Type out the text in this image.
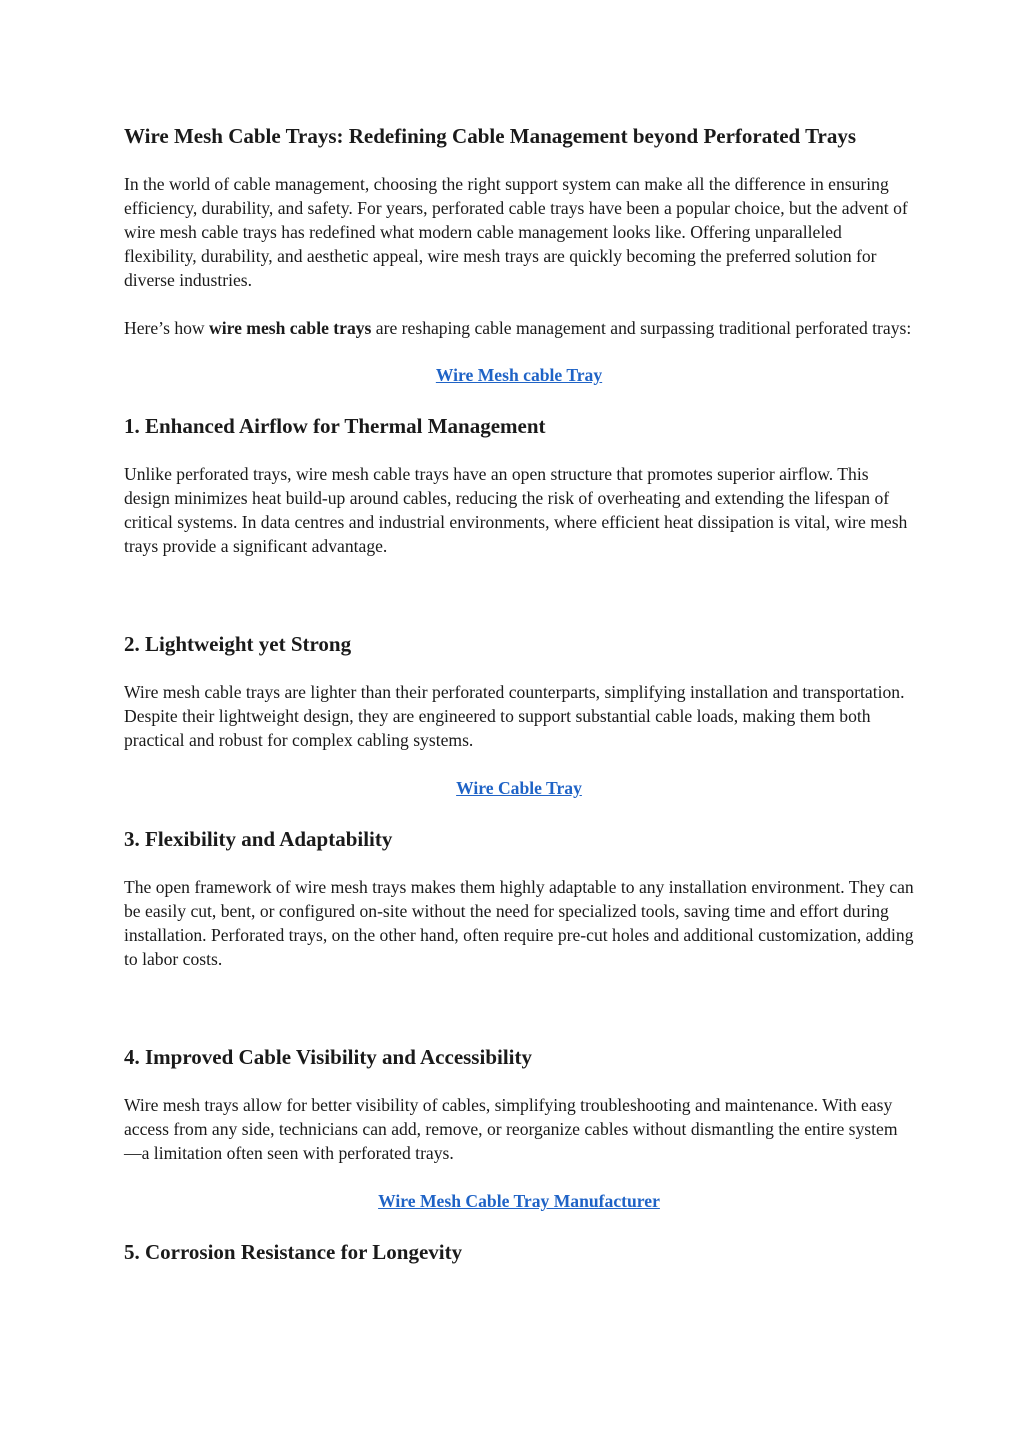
Wire Mesh Cable Trays: Redefining Cable Management beyond Perforated Trays

In the world of cable management, choosing the right support system can make all the difference in ensuring efficiency, durability, and safety. For years, perforated cable trays have been a popular choice, but the advent of wire mesh cable trays has redefined what modern cable management looks like. Offering unparalleled flexibility, durability, and aesthetic appeal, wire mesh trays are quickly becoming the preferred solution for diverse industries.

Here’s how wire mesh cable trays are reshaping cable management and surpassing traditional perforated trays:

Wire Mesh cable Tray
1. Enhanced Airflow for Thermal Management

Unlike perforated trays, wire mesh cable trays have an open structure that promotes superior airflow. This design minimizes heat build-up around cables, reducing the risk of overheating and extending the lifespan of critical systems. In data centres and industrial environments, where efficient heat dissipation is vital, wire mesh trays provide a significant advantage.

2. Lightweight yet Strong

Wire mesh cable trays are lighter than their perforated counterparts, simplifying installation and transportation. Despite their lightweight design, they are engineered to support substantial cable loads, making them both practical and robust for complex cabling systems.

Wire Cable Tray
3. Flexibility and Adaptability

The open framework of wire mesh trays makes them highly adaptable to any installation environment. They can be easily cut, bent, or configured on-site without the need for specialized tools, saving time and effort during installation. Perforated trays, on the other hand, often require pre-cut holes and additional customization, adding to labor costs.

4. Improved Cable Visibility and Accessibility

Wire mesh trays allow for better visibility of cables, simplifying troubleshooting and maintenance. With easy access from any side, technicians can add, remove, or reorganize cables without dismantling the entire system—a limitation often seen with perforated trays.

Wire Mesh Cable Tray Manufacturer
5. Corrosion Resistance for Longevity
